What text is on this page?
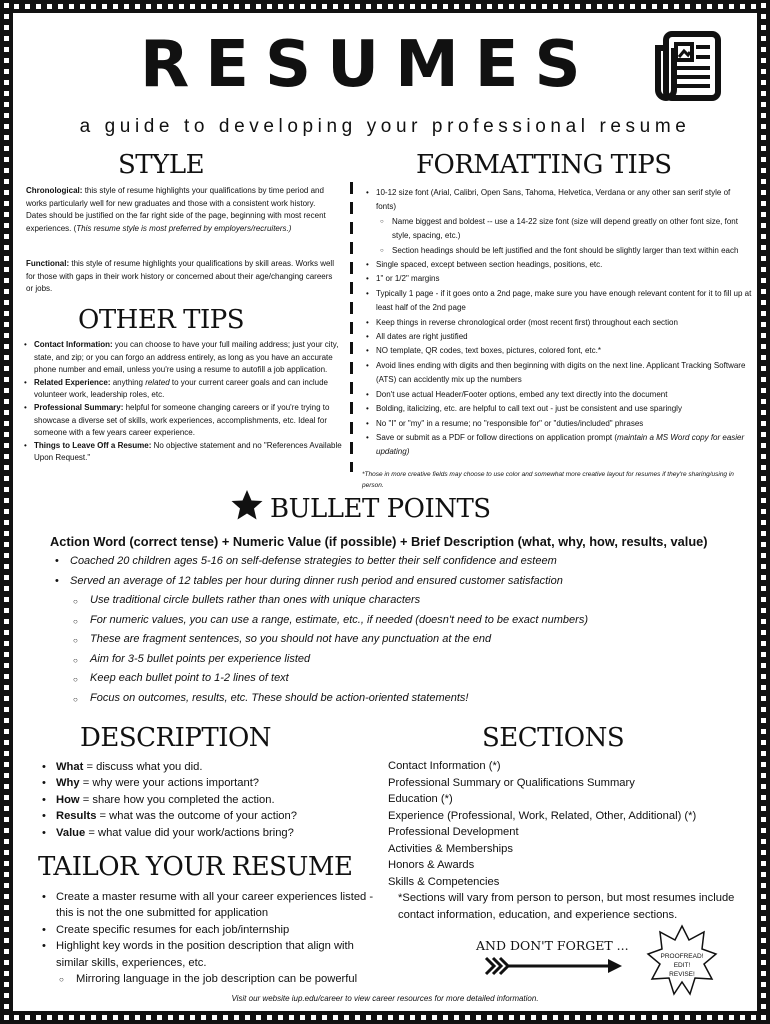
RESUMES
a guide to developing your professional resume
STYLE
Chronological: this style of resume highlights your qualifications by time period and works particularly well for new graduates and those with a consistent work history. Dates should be justified on the far right side of the page, beginning with most recent experiences. (This resume style is most preferred by employers/recruiters.)
Functional: this style of resume highlights your qualifications by skill areas. Works well for those with gaps in their work history or concerned about their age/changing careers or jobs.
OTHER TIPS
• Contact Information: you can choose to have your full mailing address; just your city, state, and zip; or you can forgo an address entirely, as long as you have an accurate phone number and email, unless you're using a resume to autofill a job application.
• Related Experience: anything related to your current career goals and can include volunteer work, leadership roles, etc.
• Professional Summary: helpful for someone changing careers or if you're trying to showcase a diverse set of skills, work experiences, accomplishments, etc. Ideal for someone with a few years career experience.
• Things to Leave Off a Resume: No objective statement and no "References Available Upon Request."
FORMATTING TIPS
• 10-12 size font (Arial, Calibri, Open Sans, Tahoma, Helvetica, Verdana or any other san serif style of fonts)
○ Name biggest and boldest -- use a 14-22 size font (size will depend greatly on other font size, font style, spacing, etc.)
○ Section headings should be left justified and the font should be slightly larger than text within each
• Single spaced, except between section headings, positions, etc.
• 1" or 1/2" margins
• Typically 1 page - if it goes onto a 2nd page, make sure you have enough relevant content for it to fill up at least half of the 2nd page
• Keep things in reverse chronological order (most recent first) throughout each section
• All dates are right justified
• NO template, QR codes, text boxes, pictures, colored font, etc.*
• Avoid lines ending with digits and then beginning with digits on the next line. Applicant Tracking Software (ATS) can accidently mix up the numbers
• Don't use actual Header/Footer options, embed any text directly into the document
• Bolding, italicizing, etc. are helpful to call text out - just be consistent and use sparingly
• No "I" or "my" in a resume; no "responsible for" or "duties/included" phrases
• Save or submit as a PDF or follow directions on application prompt (maintain a MS Word copy for easier updating)
*Those in more creative fields may choose to use color and somewhat more creative layout for resumes if they're sharing/using in person.
BULLET POINTS
Action Word (correct tense) + Numeric Value (if possible) + Brief Description (what, why, how, results, value)
• Coached 20 children ages 5-16 on self-defense strategies to better their self confidence and esteem
• Served an average of 12 tables per hour during dinner rush period and ensured customer satisfaction
○ Use traditional circle bullets rather than ones with unique characters
○ For numeric values, you can use a range, estimate, etc., if needed (doesn't need to be exact numbers)
○ These are fragment sentences, so you should not have any punctuation at the end
○ Aim for 3-5 bullet points per experience listed
○ Keep each bullet point to 1-2 lines of text
○ Focus on outcomes, results, etc. These should be action-oriented statements!
DESCRIPTION
• What = discuss what you did.
• Why = why were your actions important?
• How = share how you completed the action.
• Results = what was the outcome of your action?
• Value = what value did your work/actions bring?
TAILOR YOUR RESUME
• Create a master resume with all your career experiences listed - this is not the one submitted for application
• Create specific resumes for each job/internship
• Highlight key words in the position description that align with similar skills, experiences, etc.
○ Mirroring language in the job description can be powerful
SECTIONS
Contact Information (*)
Professional Summary or Qualifications Summary
Education (*)
Experience (Professional, Work, Related, Other, Additional) (*)
Professional Development
Activities & Memberships
Honors & Awards
Skills & Competencies
*Sections will vary from person to person, but most resumes include contact information, education, and experience sections.
AND DON'T FORGET ...
PROOFREAD!
EDIT!
REVISE!
Visit our website iup.edu/career to view career resources for more detailed information.
